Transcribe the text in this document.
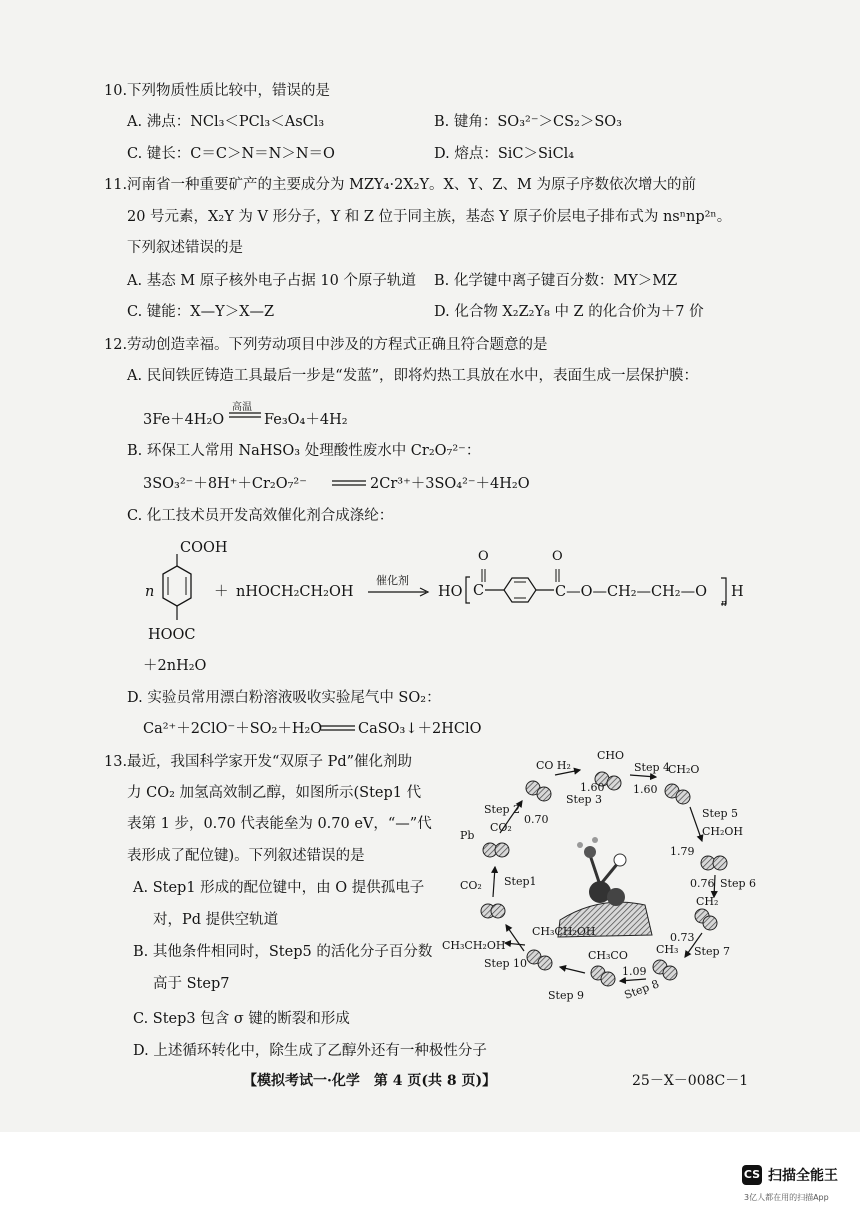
10.下列物质性质比较中，错误的是
A. 沸点：NCl₃＜PCl₃＜AsCl₃	B. 键角：SO₃²⁻＞CS₂＞SO₃
C. 键长：C＝C＞N＝N＞N＝O	D. 熔点：SiC＞SiCl₄
11.河南省一种重要矿产的主要成分为 MZY₄·2X₂Y。X、Y、Z、M 为原子序数依次增大的前
20 号元素，X₂Y 为 V 形分子，Y 和 Z 位于同主族，基态 Y 原子价层电子排布式为 nsⁿnp²ⁿ。
下列叙述错误的是
A. 基态 M 原子核外电子占据 10 个原子轨道 B. 化学键中离子键百分数：MY＞MZ
C. 键能：X—Y＞X—Z	D. 化合物 X₂Z₂Y₈ 中 Z 的化合价为＋7 价
12.劳动创造幸福。下列劳动项目中涉及的方程式正确且符合题意的是
A. 民间铁匠铸造工具最后一步是“发蓝”，即将灼热工具放在水中，表面生成一层保护膜：
3Fe＋4H₂O
高温
Fe₃O₄＋4H₂
B. 环保工人常用 NaHSO₃ 处理酸性废水中 Cr₂O₇²⁻：
3SO₃²⁻＋8H⁺＋Cr₂O₇²⁻	2Cr³⁺＋3SO₄²⁻＋4H₂O
C. 化工技术员开发高效催化剂合成涤纶：
COOH
n	＋ nHOCH₂CH₂OH
催化剂
HOOC
O	O
HO C	C—O—CH₂—CH₂—O
n
H
＋2nH₂O
D. 实验员常用漂白粉溶液吸收实验尾气中 SO₂：
Ca²⁺＋2ClO⁻＋SO₂＋H₂O CaSO₃↓＋2HClO
13.最近，我国科学家开发“双原子 Pd”催化剂助
力 CO₂ 加氢高效制乙醇，如图所示(Step1 代
表第 1 步，0.70 代表能垒为 0.70 eV，“—”代
表形成了配位键)。下列叙述错误的是
A. Step1 形成的配位键中，由 O 提供孤电子
对，Pd 提供空轨道
B. 其他条件相同时，Step5 的活化分子百分数
高于 Step7
C. Step3 包含 σ 键的断裂和形成
D. 上述循环转化中，除生成了乙醇外还有一种极性分子
CO H₂
CHO
Step 4
CH₂O
1.60	1.60
Step 3
Step 2
0.70
CO₂
Pb
Step 5
1.79
CH₂OH
CO₂ Step1	0.76 Step 6
CH₂
CH₃
0.73
Step 7
CH₃CH₂OH
CH₃CH₂OH
Step 10
CH₃CO
1.09
Step 9	Step 8
【模拟考试一·化学　第 4 页(共 8 页)】	25－X－008C－1
CS 扫描全能王
3亿人都在用的扫描App
